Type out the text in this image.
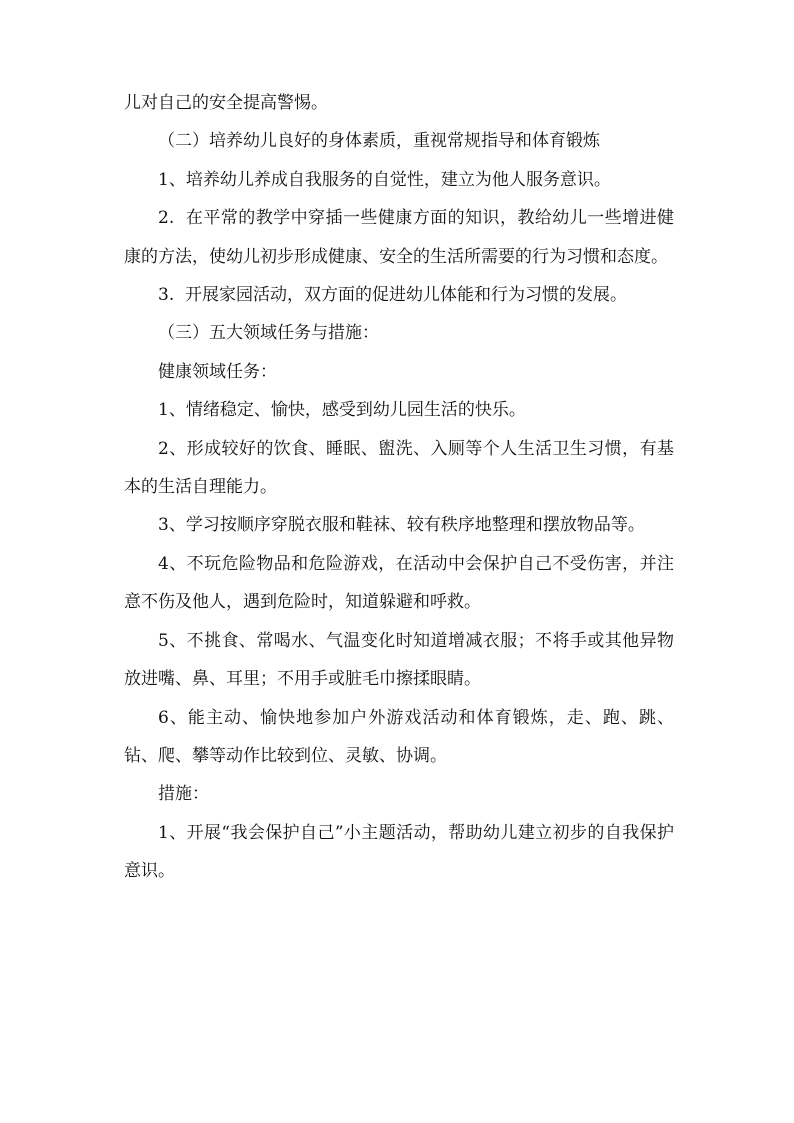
儿对自己的安全提高警惕。

（二）培养幼儿良好的身体素质，重视常规指导和体育锻炼

1、培养幼儿养成自我服务的自觉性，建立为他人服务意识。

2.  在平常的教学中穿插一些健康方面的知识，教给幼儿一些增进健康的方法，使幼儿初步形成健康、安全的生活所需要的行为习惯和态度。

3.  开展家园活动，双方面的促进幼儿体能和行为习惯的发展。

（三）五大领域任务与措施：

健康领域任务：

1、情绪稳定、愉快，感受到幼儿园生活的快乐。

2、形成较好的饮食、睡眠、盥洗、入厕等个人生活卫生习惯，有基本的生活自理能力。

3、学习按顺序穿脱衣服和鞋袜、较有秩序地整理和摆放物品等。

4、不玩危险物品和危险游戏，在活动中会保护自己不受伤害，并注意不伤及他人，遇到危险时，知道躲避和呼救。

5、不挑食、常喝水、气温变化时知道增减衣服；不将手或其他异物放进嘴、鼻、耳里；不用手或脏毛巾擦揉眼睛。

6、能主动、愉快地参加户外游戏活动和体育锻炼，走、跑、跳、钻、爬、攀等动作比较到位、灵敏、协调。

措施：

1、开展“我会保护自己”小主题活动，帮助幼儿建立初步的自我保护意识。
